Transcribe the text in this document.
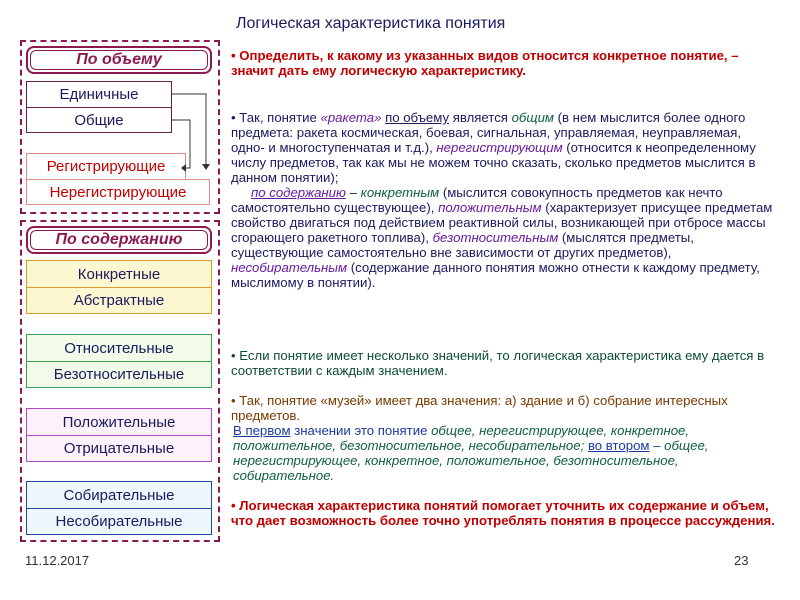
Логическая характеристика понятия
По объему
Единичные
Общие
Регистрирующие
Нерегистрирующие
По содержанию
Конкретные
Абстрактные
Относительные
Безотносительные
Положительные
Отрицательные
Собирательные
Несобирательные
• Определить, к какому из указанных видов относится конкретное понятие, – значит дать ему логическую характеристику.
• Так, понятие «ракета» по объему является общим (в нем мыслится более одного предмета: ракета космическая, боевая, сигнальная, управляемая, неуправляемая, одно- и многоступенчатая и т.д.), нерегистрирующим (относится к неопределенному числу предметов, так как мы не можем точно сказать, сколько предметов мыслится в данном понятии);
по содержанию – конкретным (мыслится совокупность предметов как нечто самостоятельно существующее), положительным (характеризует присущее предметам свойство двигаться под действием реактивной силы, возникающей при отбросе массы сгорающего ракетного топлива), безотносительным (мыслятся предметы, существующие самостоятельно вне зависимости от других предметов), несобирательным (содержание данного понятия можно отнести к каждому предмету, мыслимому в понятии).
• Если понятие имеет несколько значений, то логическая характеристика ему дается в соответствии с каждым значением.
• Так, понятие «музей» имеет два значения: а) здание и б) собрание интересных предметов.
В первом значении это понятие общее, нерегистрирующее, конкретное, положительное, безотносительное, несобирательное; во втором – общее, нерегистрирующее, конкретное, положительное, безотносительное, собирательное.
• Логическая характеристика понятий помогает уточнить их содержание и объем, что дает возможность более точно употреблять понятия в процессе рассуждения.
11.12.2017	23
